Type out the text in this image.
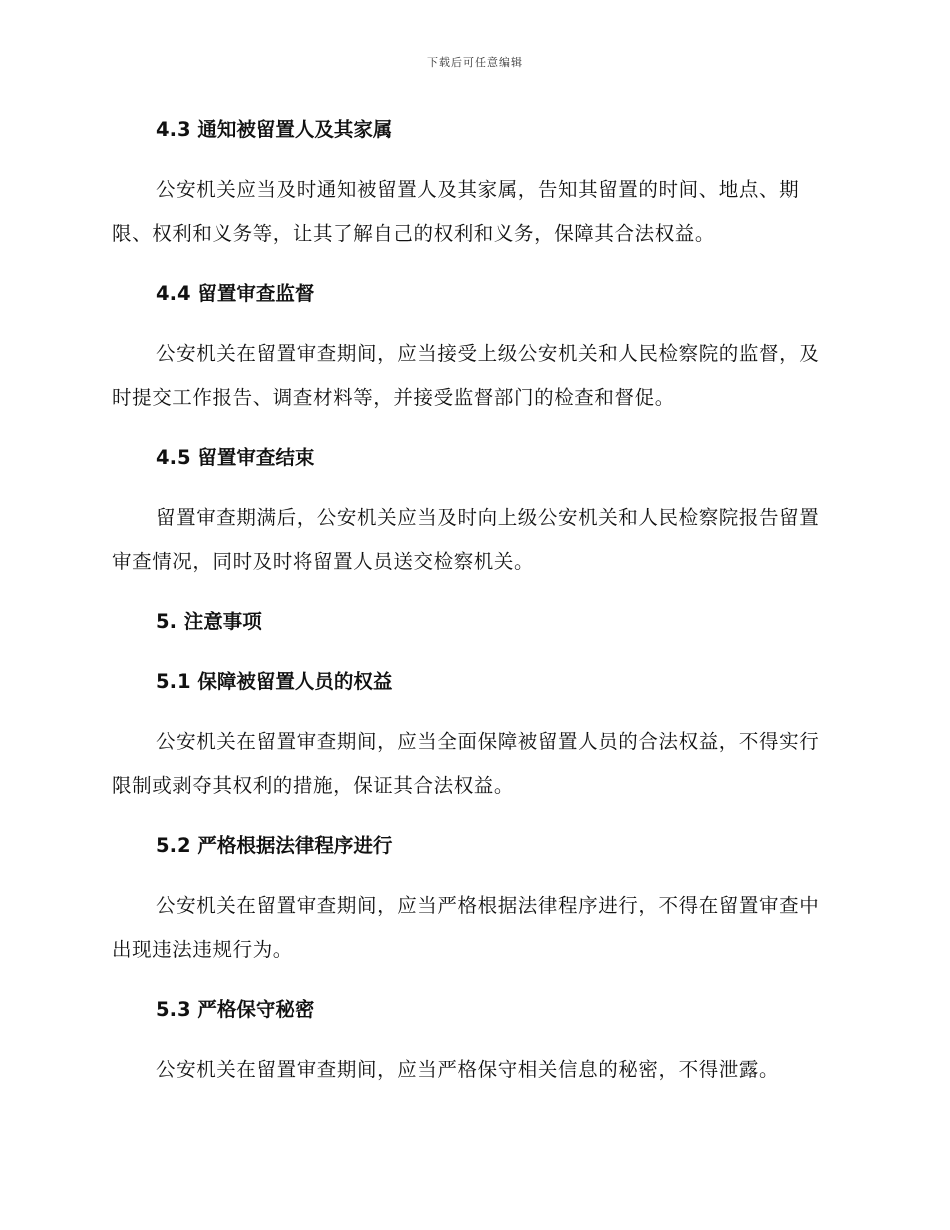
下载后可任意编辑
4.3 通知被留置人及其家属

公安机关应当及时通知被留置人及其家属，告知其留置的时间、地点、期限、权利和义务等，让其了解自己的权利和义务，保障其合法权益。

4.4 留置审查监督

公安机关在留置审查期间，应当接受上级公安机关和人民检察院的监督，及时提交工作报告、调查材料等，并接受监督部门的检查和督促。

4.5 留置审查结束

留置审查期满后，公安机关应当及时向上级公安机关和人民检察院报告留置审查情况，同时及时将留置人员送交检察机关。

5. 注意事项
5.1 保障被留置人员的权益

公安机关在留置审查期间，应当全面保障被留置人员的合法权益，不得实行限制或剥夺其权利的措施，保证其合法权益。

5.2 严格根据法律程序进行

公安机关在留置审查期间，应当严格根据法律程序进行，不得在留置审查中出现违法违规行为。

5.3 严格保守秘密

公安机关在留置审查期间，应当严格保守相关信息的秘密，不得泄露。
